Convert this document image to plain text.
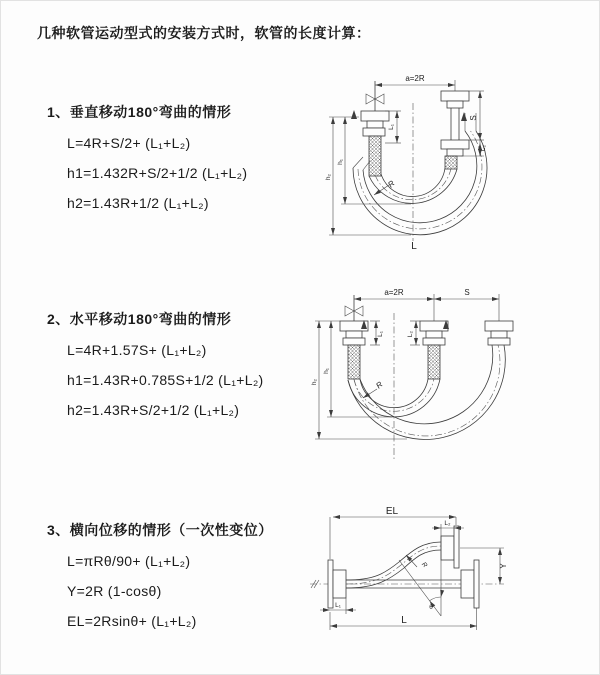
几种软管运动型式的安装方式时，软管的长度计算：
1、垂直移动180°弯曲的情形
L=4R+S/2+ (L₁+L₂)
h1=1.432R+S/2+1/2 (L₁+L₂)
h2=1.43R+1/2 (L₁+L₂)
a=2R
S
L₂
L₁
h₁
h₂
R
L
2、水平移动180°弯曲的情形
L=4R+1.57S+ (L₁+L₂)
h1=1.43R+0.785S+1/2 (L₁+L₂)
h2=1.43R+S/2+1/2 (L₁+L₂)
a=2R	S
h₁
h₂
L₁	L₂
R
3、横向位移的情形（一次性变位）
L=πRθ/90+ (L₁+L₂)
Y=2R (1-cosθ)
EL=2Rsinθ+ (L₁+L₂)
EL
L₂
Y
θ
R
L₁
L
